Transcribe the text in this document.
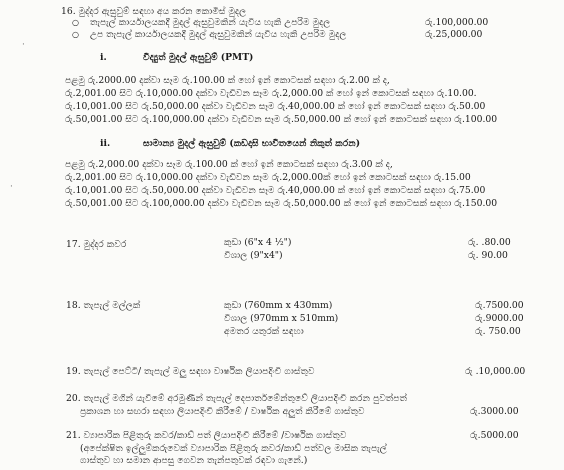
16. මුද්දර ඇසුවුම් සඳහා අය කරන කොමිස් මුදල
○ තැපැල් කාර්යාලයකදී මුදල් ඇසුවුමකින් යැවිය හැකි උපරිම මුදල	රු.100,000.00
○ උප තැපැල් කාර්යාලයකදී මුදල් ඇසුවුමකින් යැවිය හැකි උපරිම මුදල	රු.25,000.00
i.	විද්‍යුත් මුදල් ඇසුවුම් (PMT)
පළමු රු.2000.00 දක්වා සෑම රු.100.00 ක් හෝ ඉන් කොටසක් සඳහා රු.2.00 ක් ද,
රු.2,001.00 සිට රු.10,000.00 දක්වා වැඩිවන සෑම රු.2,000.00 ක් හෝ ඉන් කොටසක් සඳහා රු.10.00.
රු.10,001.00 සිට රු.50,000.00 දක්වා වැඩිවන සෑම රු.40,000.00 ක් හෝ ඉන් කොටසක් සඳහා රු.50.00
රු.50,001.00 සිට රු.100,000.00 දක්වා වැඩිවන සෑම රු.50,000.00 ක් හෝ ඉන් කොටසක් සඳහා රු.100.00
ii.	සාමාන්‍ය මුදල් ඇසුවුම් (කඩදාසි භාවිතයෙන් නිකුත් කරන)
පළමු රු.2,000.00 දක්වා සෑම රු.100.00 ක් හෝ ඉන් කොටසක් සඳහා රු.3.00 ක් ද,
රු.2,001.00 සිට රු.10,000.00 දක්වා වැඩිවන සෑම රු.2,000.00ක් හෝ ඉන් කොටසක් සඳහා රු.15.00
රු.10,001.00 සිට රු.50,000.00 දක්වා වැඩිවන සෑම රු.40,000.00 ක් හෝ ඉන් කොටසක් සඳහා රු.75.00
රු.50,001.00 සිට රු.100,000.00 දක්වා වැඩිවන සෑම රු.50,000.00 ක් හෝ ඉන් කොටසක් සඳහා රු.150.00
17. මුද්දර කවර	කුඩා (6"x 4 ½")	රු. .80.00
විශාල (9"x4")	රු. 90.00
18. තැපැල් මල්ලක්	කුඩා (760mm x 430mm)	රු.7500.00
විශාල (970mm x 510mm)	රු.9000.00
අමතර යතුරක් සඳහා	රු. 750.00
19. තැපැල් පෙට්ටි/ තැපැල් මලු සඳහා වාර්ෂික ලියාපදිංචි ගාස්තුව	රු .10,000.00
20. තැපැල් මගින් යැවීමේ අරමුණින් තැපැල් දෙපාර්තමේන්තුවේ ලියාපදිංචි කරන පුවත්පත්
ප්‍රකාශන හා සඟරා සඳහා ලියාපදිංචි කිරීමේ / වාර්ෂික අලුත් කිරීමේ ගාස්තුව	රු.3000.00
21. ව්‍යාපාරික පිළිතුරු කවර/කාඩ් පත් ලියාපදිංචි කිරීමේ /වාර්ෂික ගාස්තුව	රු.5000.00
(අපේක්ෂිත ඉල්ලුම්කරුවෙක් ව්‍යාපාරික පිළිතුරු කවර/කාඩ් පත්වල මාසික තැපැල්
ගාස්තුව හා සමාන ආපසු ගෙවන තැන්පතුවක් රඳවා ගැනේ.)
·
·
